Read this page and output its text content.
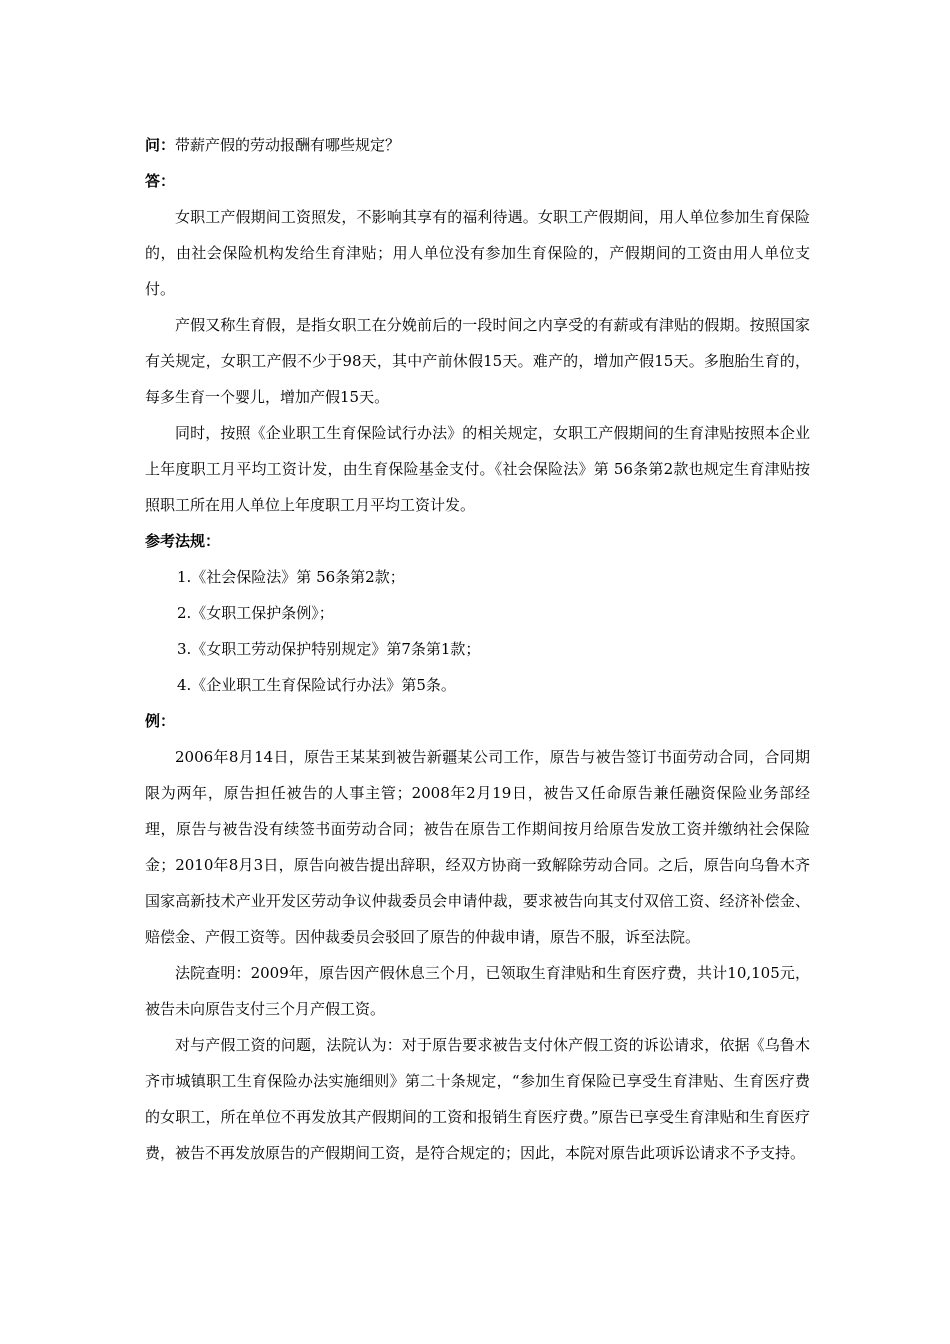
问：带薪产假的劳动报酬有哪些规定？
答：

女职工产假期间工资照发，不影响其享有的福利待遇。女职工产假期间，用人单位参加生育保险的，由社会保险机构发给生育津贴；用人单位没有参加生育保险的，产假期间的工资由用人单位支付。

产假又称生育假，是指女职工在分娩前后的一段时间之内享受的有薪或有津贴的假期。按照国家有关规定，女职工产假不少于98天，其中产前休假15天。难产的，增加产假15天。多胞胎生育的，每多生育一个婴儿，增加产假15天。

同时，按照《企业职工生育保险试行办法》的相关规定，女职工产假期间的生育津贴按照本企业上年度职工月平均工资计发，由生育保险基金支付。《社会保险法》第 56条第2款也规定生育津贴按照职工所在用人单位上年度职工月平均工资计发。

参考法规：

1.《社会保险法》第 56条第2款；

2.《女职工保护条例》；

3.《女职工劳动保护特别规定》第7条第1款；

4.《企业职工生育保险试行办法》第5条。

例：

2006年8月14日，原告王某某到被告新疆某公司工作，原告与被告签订书面劳动合同，合同期限为两年，原告担任被告的人事主管；2008年2月19日，被告又任命原告兼任融资保险业务部经理，原告与被告没有续签书面劳动合同；被告在原告工作期间按月给原告发放工资并缴纳社会保险金；2010年8月3日，原告向被告提出辞职，经双方协商一致解除劳动合同。之后，原告向乌鲁木齐国家高新技术产业开发区劳动争议仲裁委员会申请仲裁，要求被告向其支付双倍工资、经济补偿金、赔偿金、产假工资等。因仲裁委员会驳回了原告的仲裁申请，原告不服，诉至法院。

法院查明：2009年，原告因产假休息三个月，已领取生育津贴和生育医疗费，共计10,105元，被告未向原告支付三个月产假工资。

对与产假工资的问题，法院认为：对于原告要求被告支付休产假工资的诉讼请求，依据《乌鲁木齐市城镇职工生育保险办法实施细则》第二十条规定，“参加生育保险已享受生育津贴、生育医疗费的女职工，所在单位不再发放其产假期间的工资和报销生育医疗费。”原告已享受生育津贴和生育医疗费，被告不再发放原告的产假期间工资，是符合规定的；因此，本院对原告此项诉讼请求不予支持。
